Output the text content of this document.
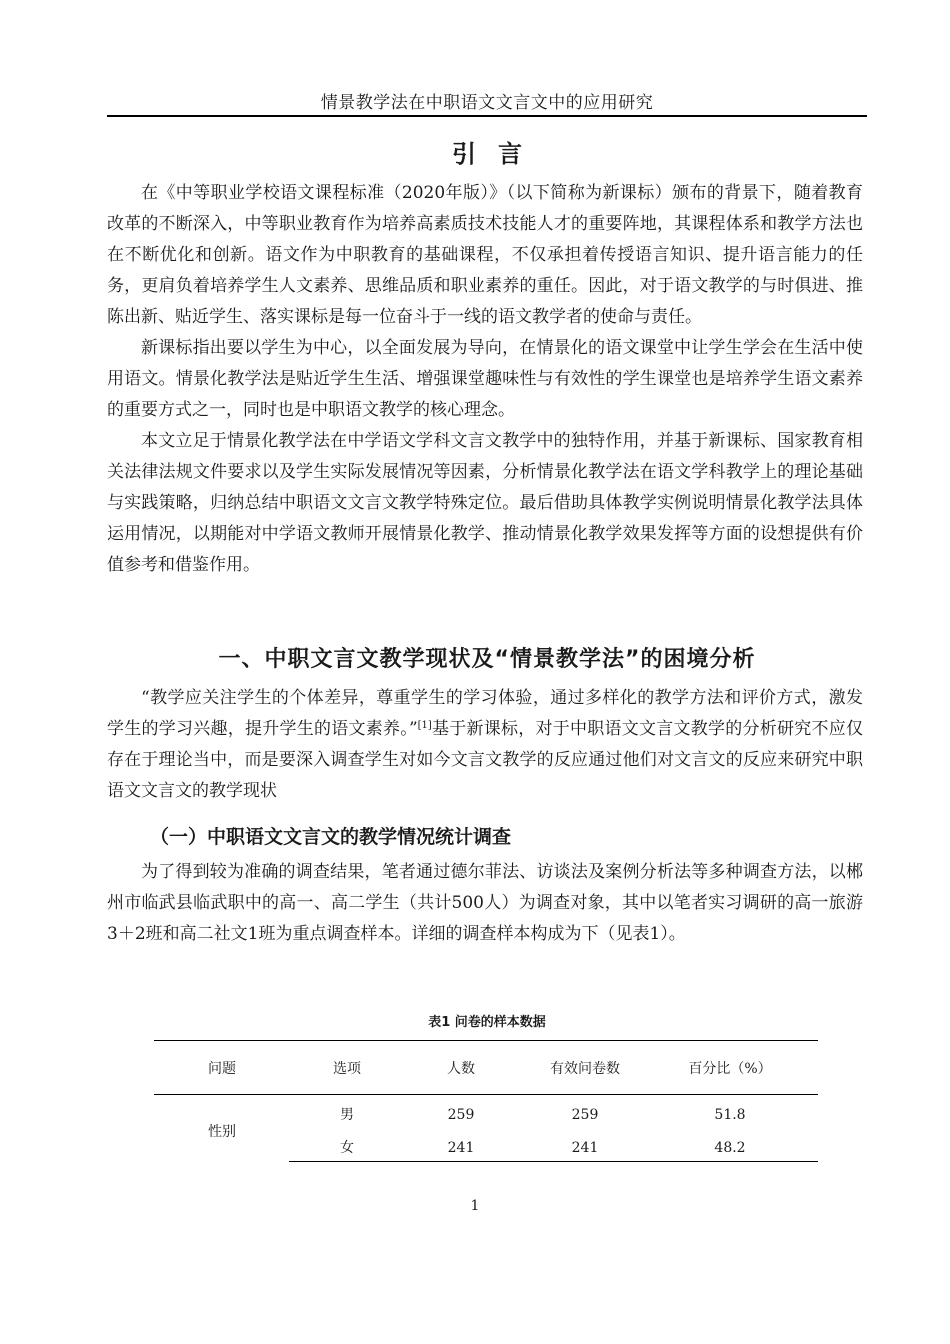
情景教学法在中职语文文言文中的应用研究
引言

在《中等职业学校语文课程标准（2020年版）》（以下简称为新课标）颁布的背景下，随着教育改革的不断深入，中等职业教育作为培养高素质技术技能人才的重要阵地，其课程体系和教学方法也在不断优化和创新。语文作为中职教育的基础课程，不仅承担着传授语言知识、提升语言能力的任务，更肩负着培养学生人文素养、思维品质和职业素养的重任。因此，对于语文教学的与时俱进、推陈出新、贴近学生、落实课标是每一位奋斗于一线的语文教学者的使命与责任。

新课标指出要以学生为中心，以全面发展为导向，在情景化的语文课堂中让学生学会在生活中使用语文。情景化教学法是贴近学生生活、增强课堂趣味性与有效性的学生课堂也是培养学生语文素养的重要方式之一，同时也是中职语文教学的核心理念。

本文立足于情景化教学法在中学语文学科文言文教学中的独特作用，并基于新课标、国家教育相关法律法规文件要求以及学生实际发展情况等因素，分析情景化教学法在语文学科教学上的理论基础与实践策略，归纳总结中职语文文言文教学特殊定位。最后借助具体教学实例说明情景化教学法具体运用情况，以期能对中学语文教师开展情景化教学、推动情景化教学效果发挥等方面的设想提供有价值参考和借鉴作用。

一、中职文言文教学现状及“情景教学法”的困境分析

“教学应关注学生的个体差异，尊重学生的学习体验，通过多样化的教学方法和评价方式，激发学生的学习兴趣，提升学生的语文素养。”[1]基于新课标，对于中职语文文言文教学的分析研究不应仅存在于理论当中，而是要深入调查学生对如今文言文教学的反应通过他们对文言文的反应来研究中职语文文言文的教学现状

（一）中职语文文言文的教学情况统计调查

为了得到较为准确的调查结果，笔者通过德尔菲法、访谈法及案例分析法等多种调查方法，以郴州市临武县临武职中的高一、高二学生（共计500人）为调查对象，其中以笔者实习调研的高一旅游3＋2班和高二社文1班为重点调查样本。详细的调查样本构成为下（见表1）。

表1 问卷的样本数据
问题	选项	人数	有效问卷数	百分比（%）
性别
男	259	259	51.8
女	241	241	48.2
1
